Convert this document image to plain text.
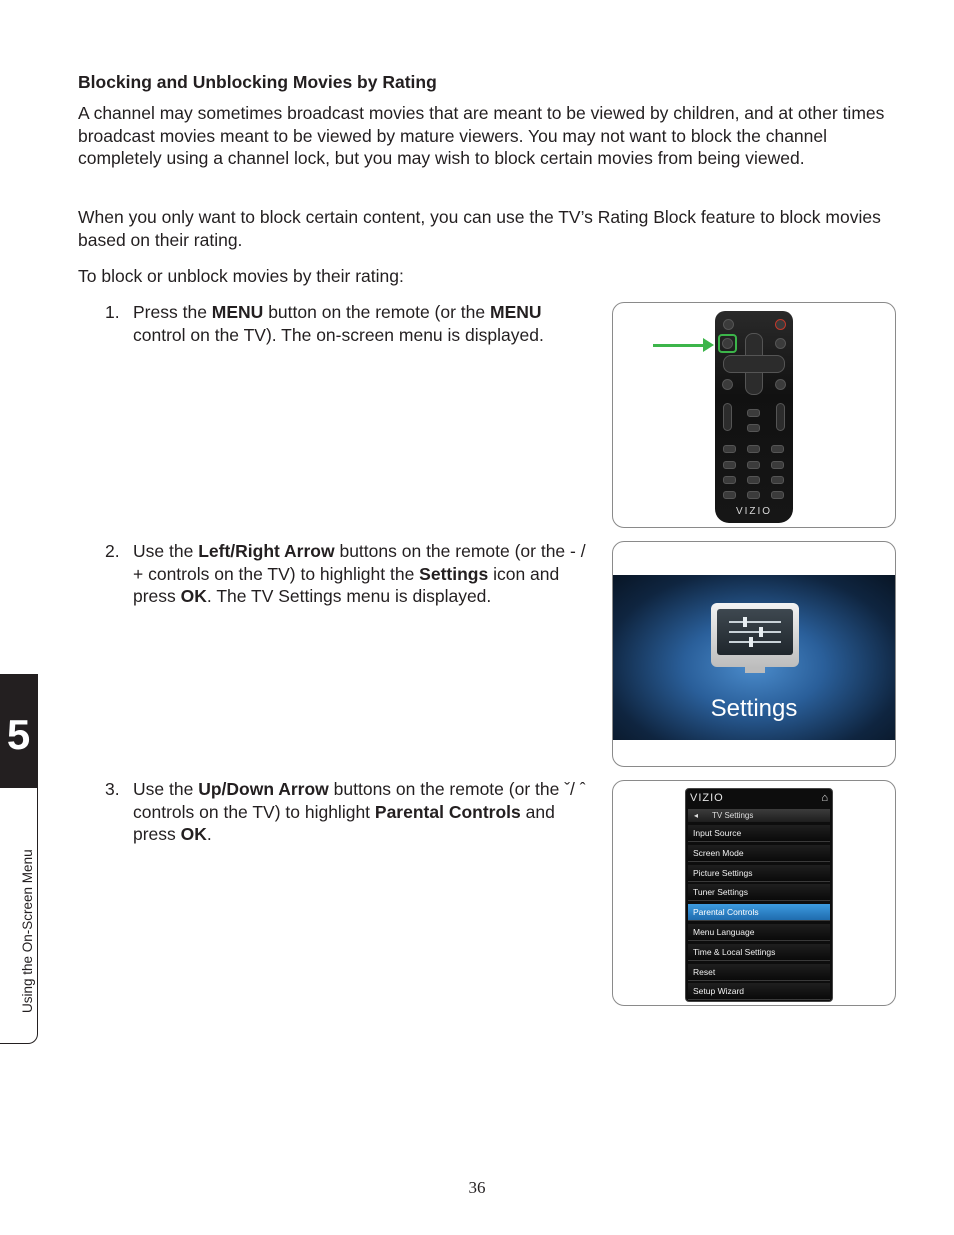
Blocking and Unblocking Movies by Rating

A channel may sometimes broadcast movies that are meant to be viewed by children, and at other times broadcast movies meant to be viewed by mature viewers. You may not want to block the channel completely using a channel lock, but you may wish to block certain movies from being viewed.

When you only want to block certain content, you can use the TV’s Rating Block feature to block movies based on their rating.

To block or unblock movies by their rating:

1. Press the MENU button on the remote (or the MENU control on the TV). The on-screen menu is displayed.
2. Use the Left/Right Arrow buttons on the remote (or the - / + controls on the TV) to highlight the Settings icon and press OK. The TV Settings menu is displayed.
3. Use the Up/Down Arrow buttons on the remote (or the ˇ/ ˆ controls on the TV) to highlight Parental Controls and press OK.
VIZIO
Settings
VIZIO	⌂
◂ TV Settings
Input Source
Screen Mode
Picture Settings
Tuner Settings
Parental Controls
Menu Language
Time & Local Settings
Reset
Setup Wizard
5
Using the On-Screen Menu
36
